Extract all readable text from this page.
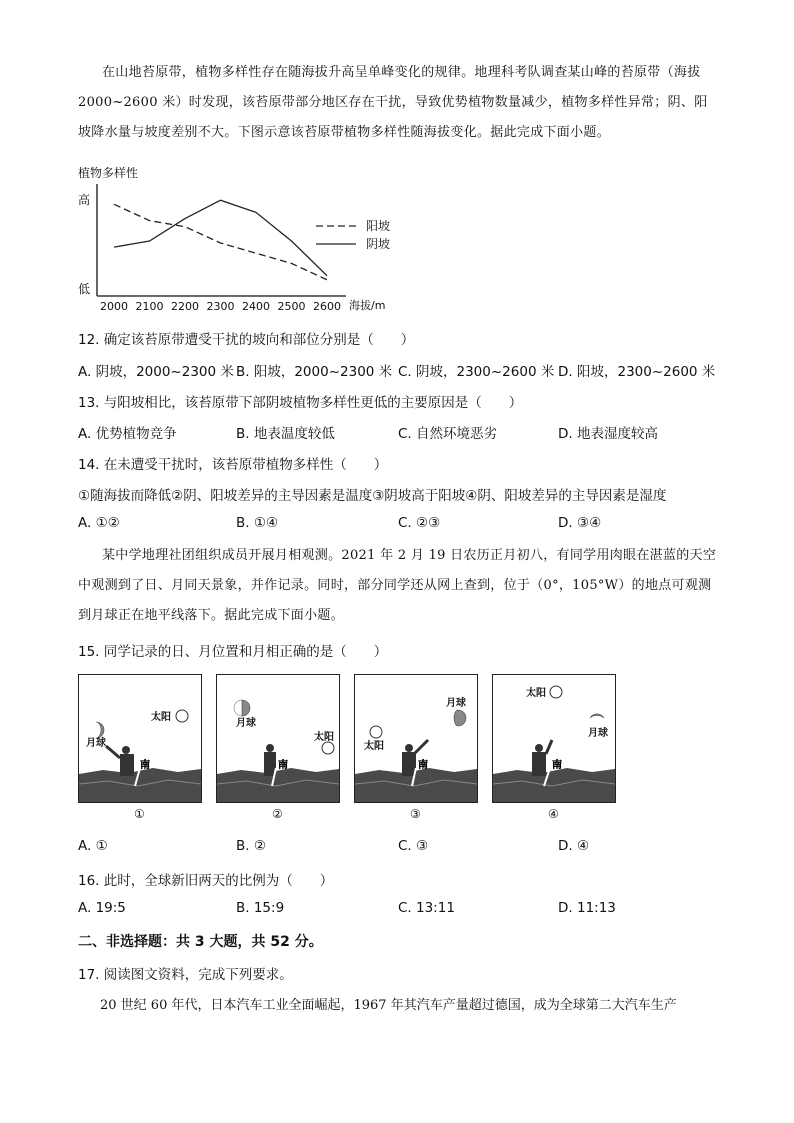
在山地苔原带，植物多样性存在随海拔升高呈单峰变化的规律。地理科考队调查某山峰的苔原带（海拔 2000~2600 米）时发现，该苔原带部分地区存在干扰，导致优势植物数量减少，植物多样性异常；阴、阳坡降水量与坡度差别不大。下图示意该苔原带植物多样性随海拔变化。据此完成下面小题。

植物多样性
高
低
2000 2100 2200 2300 2400 2500 2600 海拔/m
阳坡
阴坡
12. 确定该苔原带遭受干扰的坡向和部位分别是（　　）
A. 阴坡，2000~2300 米 B. 阳坡，2000~2300 米 C. 阴坡，2300~2600 米 D. 阳坡，2300~2600 米
13. 与阳坡相比，该苔原带下部阴坡植物多样性更低的主要原因是（　　）
A. 优势植物竞争	B. 地表温度较低	C. 自然环境恶劣	D. 地表湿度较高
14. 在未遭受干扰时，该苔原带植物多样性（　　）
①随海拔而降低②阴、阳坡差异的主导因素是温度③阴坡高于阳坡④阴、阳坡差异的主导因素是湿度
A. ①②	B. ①④	C. ②③	D. ③④

某中学地理社团组织成员开展月相观测。2021 年 2 月 19 日农历正月初八，有同学用肉眼在湛蓝的天空中观测到了日、月同天景象，并作记录。同时，部分同学还从网上查到，位于（0°，105°W）的地点可观测到月球正在地平线落下。据此完成下面小题。

15. 同学记录的日、月位置和月相正确的是（　　）
月球
太阳
南
①
月球
太阳
南
②
太阳
月球
南
③
太阳
月球
南
④
A. ①	B. ②	C. ③	D. ④
16. 此时，全球新旧两天的比例为（　　）
A. 19:5	B. 15:9	C. 13:11	D. 11:13
二、非选择题：共 3 大题，共 52 分。
17. 阅读图文资料，完成下列要求。
20 世纪 60 年代，日本汽车工业全面崛起，1967 年其汽车产量超过德国，成为全球第二大汽车生产
